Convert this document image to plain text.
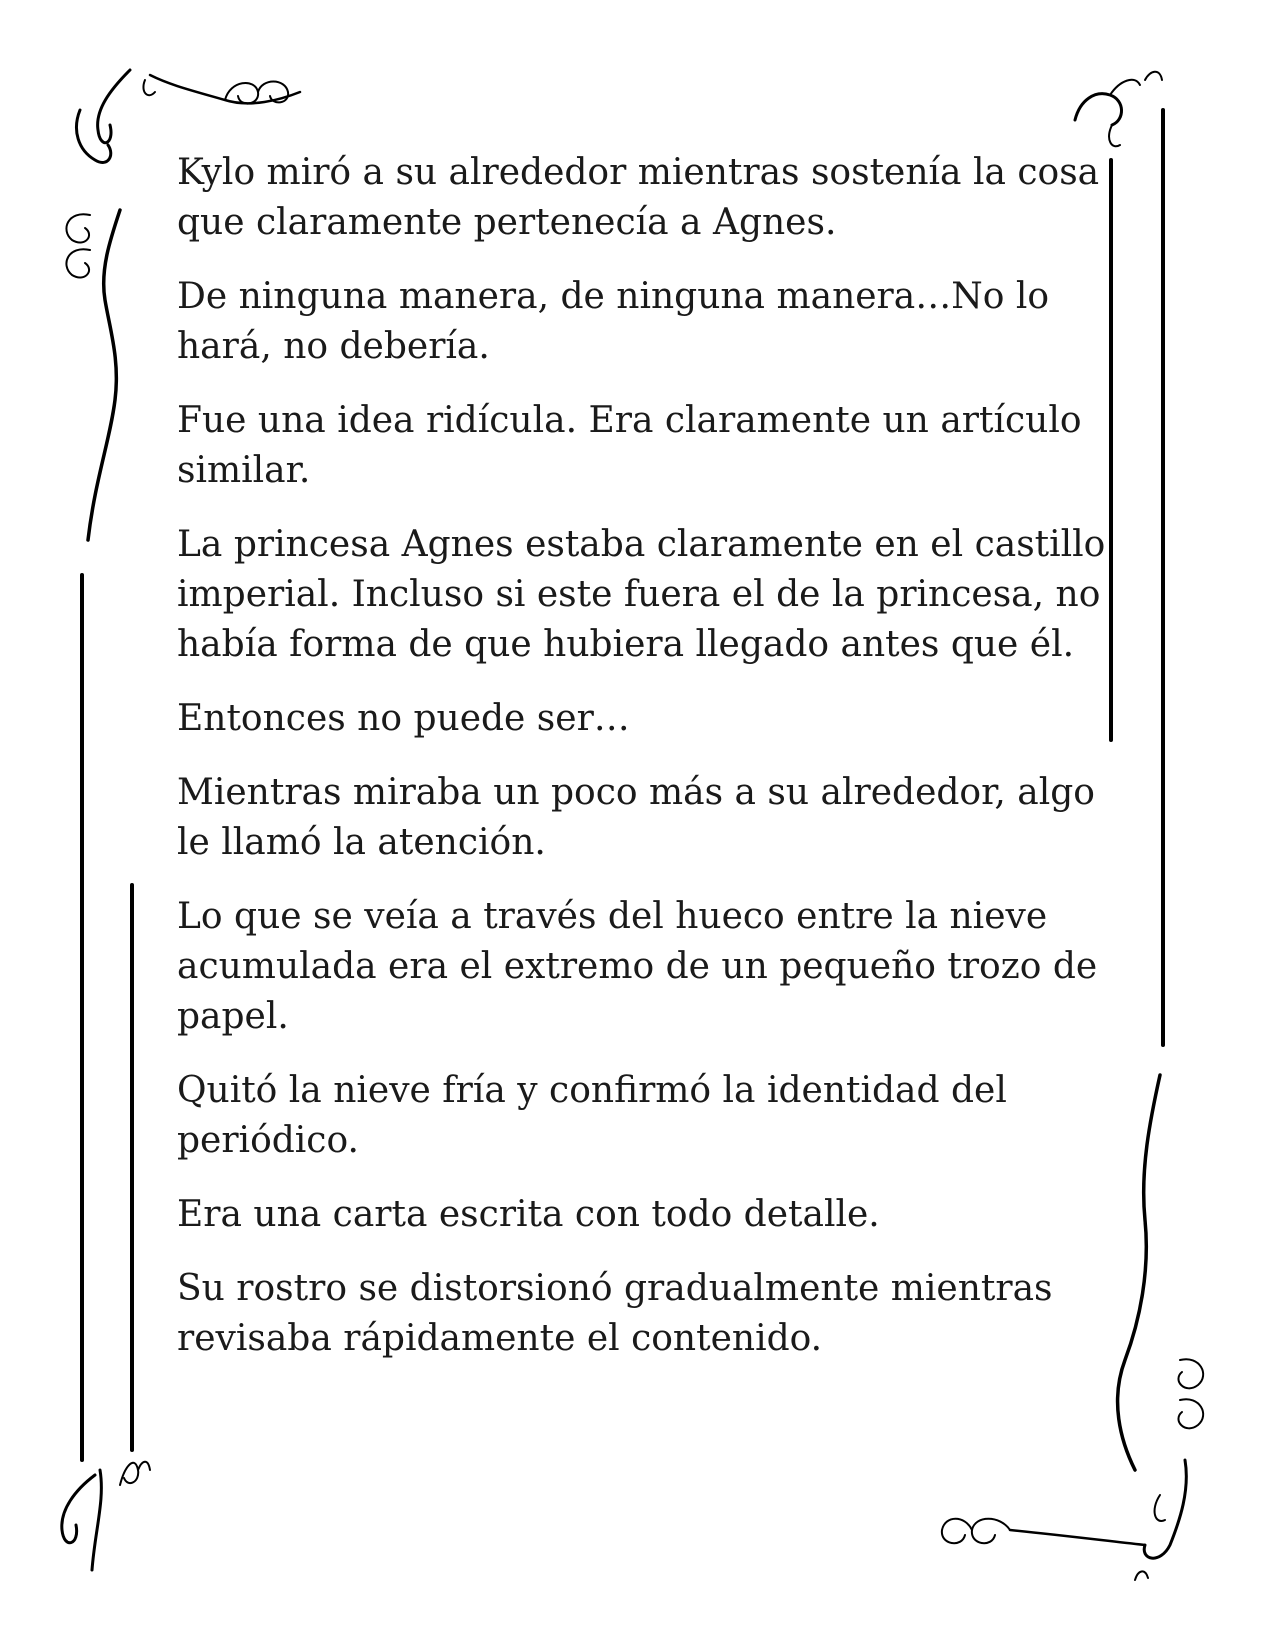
Kylo miró a su alrededor mientras sostenía la cosa que claramente pertenecía a Agnes.

De ninguna manera, de ninguna manera…No lo hará, no debería.

Fue una idea ridícula. Era claramente un artículo similar.

La princesa Agnes estaba claramente en el castillo imperial. Incluso si este fuera el de la princesa, no había forma de que hubiera llegado antes que él.

Entonces no puede ser…

Mientras miraba un poco más a su alrededor, algo le llamó la atención.

Lo que se veía a través del hueco entre la nieve acumulada era el extremo de un pequeño trozo de papel.

Quitó la nieve fría y confirmó la identidad del periódico.

Era una carta escrita con todo detalle.

Su rostro se distorsionó gradualmente mientras revisaba rápidamente el contenido.
